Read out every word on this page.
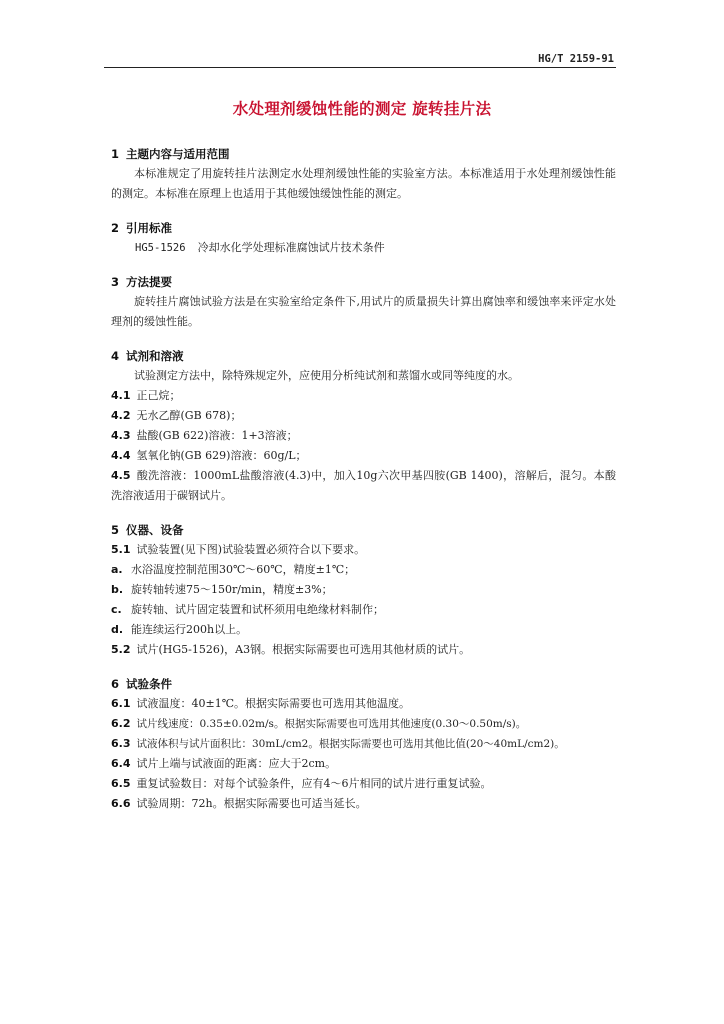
HG/T 2159-91
水处理剂缓蚀性能的测定 旋转挂片法
1 主题内容与适用范围
本标准规定了用旋转挂片法测定水处理剂缓蚀性能的实验室方法。本标准适用于水处理剂缓蚀性能的测定。本标准在原理上也适用于其他缓蚀缓蚀性能的测定。
2 引用标准
HG5-1526 冷却水化学处理标准腐蚀试片技术条件
3 方法提要
旋转挂片腐蚀试验方法是在实验室给定条件下,用试片的质量损失计算出腐蚀率和缓蚀率来评定水处理剂的缓蚀性能。
4 试剂和溶液
试验测定方法中，除特殊规定外，应使用分析纯试剂和蒸馏水或同等纯度的水。
4.1 正己烷；
4.2 无水乙醇(GB 678)；
4.3 盐酸(GB 622)溶液：1+3溶液；
4.4 氢氧化钠(GB 629)溶液：60g/L；
4.5 酸洗溶液：1000mL盐酸溶液(4.3)中，加入10g六次甲基四胺(GB 1400)，溶解后，混匀。本酸洗溶液适用于碳钢试片。
5 仪器、设备
5.1 试验装置(见下图)试验装置必须符合以下要求。
a. 水浴温度控制范围30℃～60℃，精度±1℃；
b. 旋转轴转速75～150r/min，精度±3%；
c. 旋转轴、试片固定装置和试杯须用电绝缘材料制作；
d. 能连续运行200h以上。
5.2 试片(HG5-1526)，A3钢。根据实际需要也可选用其他材质的试片。
6 试验条件
6.1 试液温度：40±1℃。根据实际需要也可选用其他温度。
6.2 试片线速度：0.35±0.02m/s。根据实际需要也可选用其他速度(0.30～0.50m/s)。
6.3 试液体积与试片面积比：30mL/cm2。根据实际需要也可选用其他比值(20～40mL/cm2)。
6.4 试片上端与试液面的距离：应大于2cm。
6.5 重复试验数目：对每个试验条件，应有4～6片相同的试片进行重复试验。
6.6 试验周期：72h。根据实际需要也可适当延长。
